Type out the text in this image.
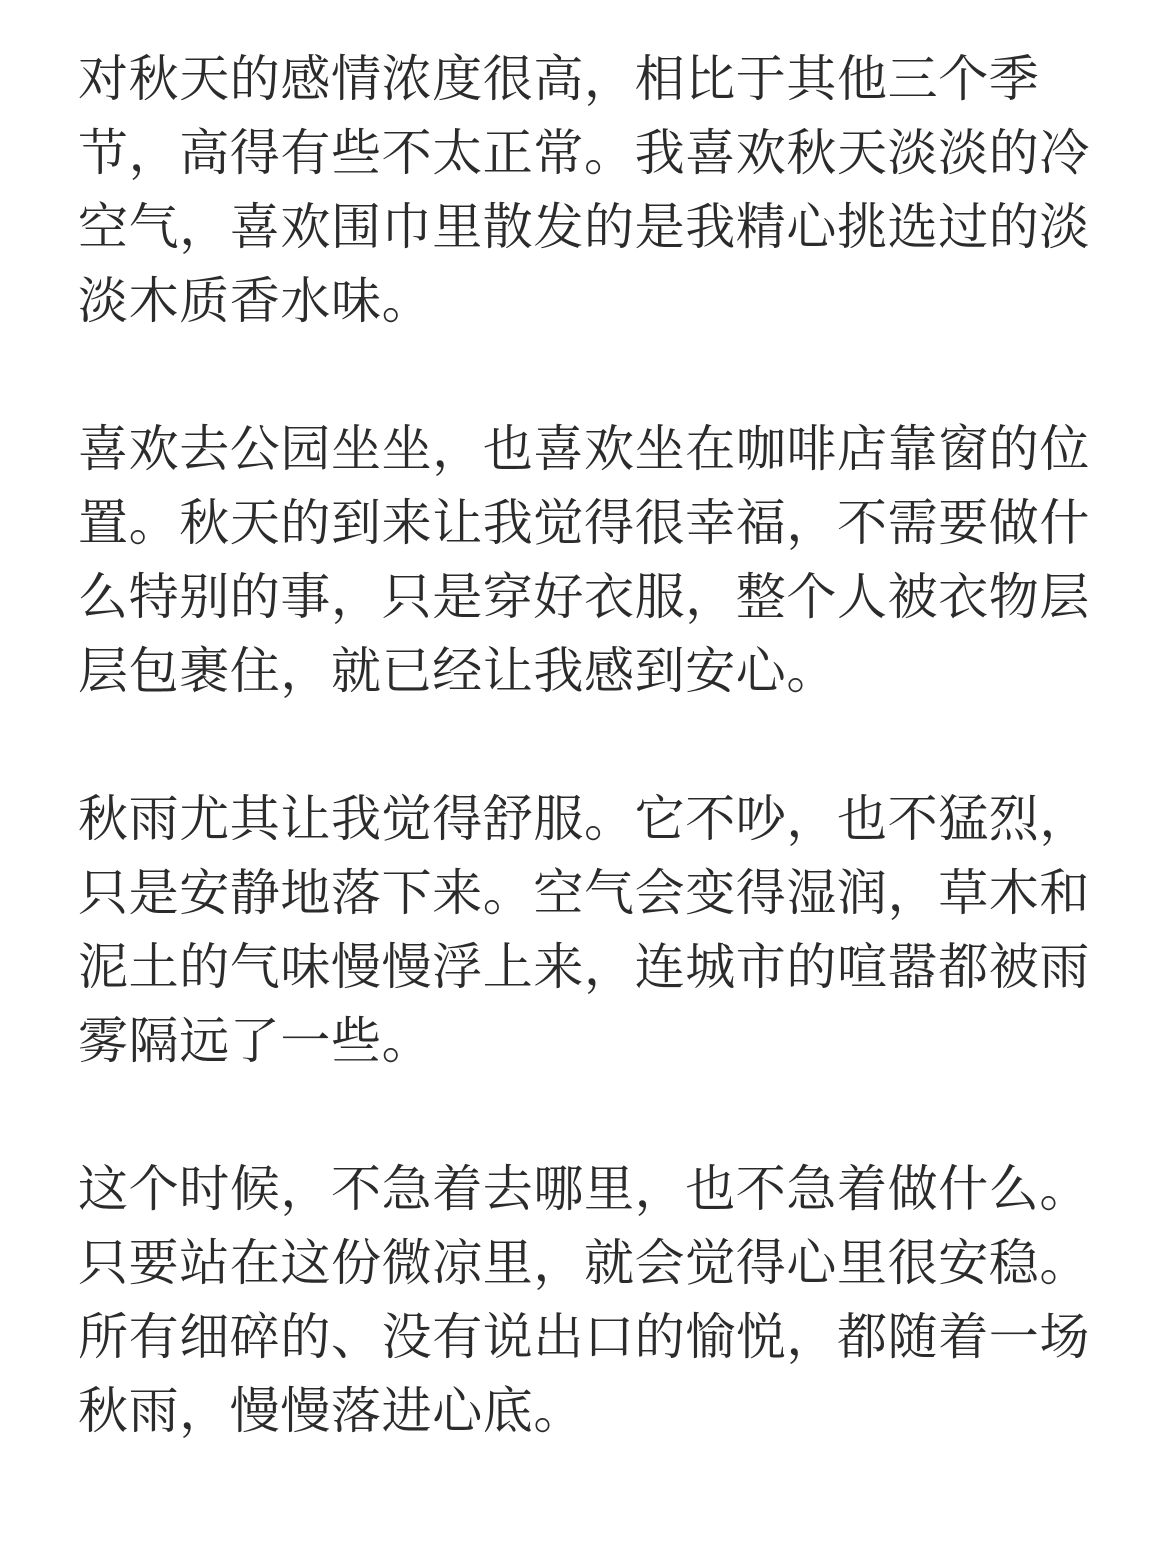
对秋天的感情浓度很高，相比于其他三个季
节，高得有些不太正常。我喜欢秋天淡淡的冷
空气，喜欢围巾里散发的是我精心挑选过的淡
淡木质香水味。

喜欢去公园坐坐，也喜欢坐在咖啡店靠窗的位
置。秋天的到来让我觉得很幸福，不需要做什
么特别的事，只是穿好衣服，整个人被衣物层
层包裹住，就已经让我感到安心。

秋雨尤其让我觉得舒服。它不吵，也不猛烈，
只是安静地落下来。空气会变得湿润，草木和
泥土的气味慢慢浮上来，连城市的喧嚣都被雨
雾隔远了一些。

这个时候，不急着去哪里，也不急着做什么。
只要站在这份微凉里，就会觉得心里很安稳。
所有细碎的、没有说出口的愉悦，都随着一场
秋雨，慢慢落进心底。
